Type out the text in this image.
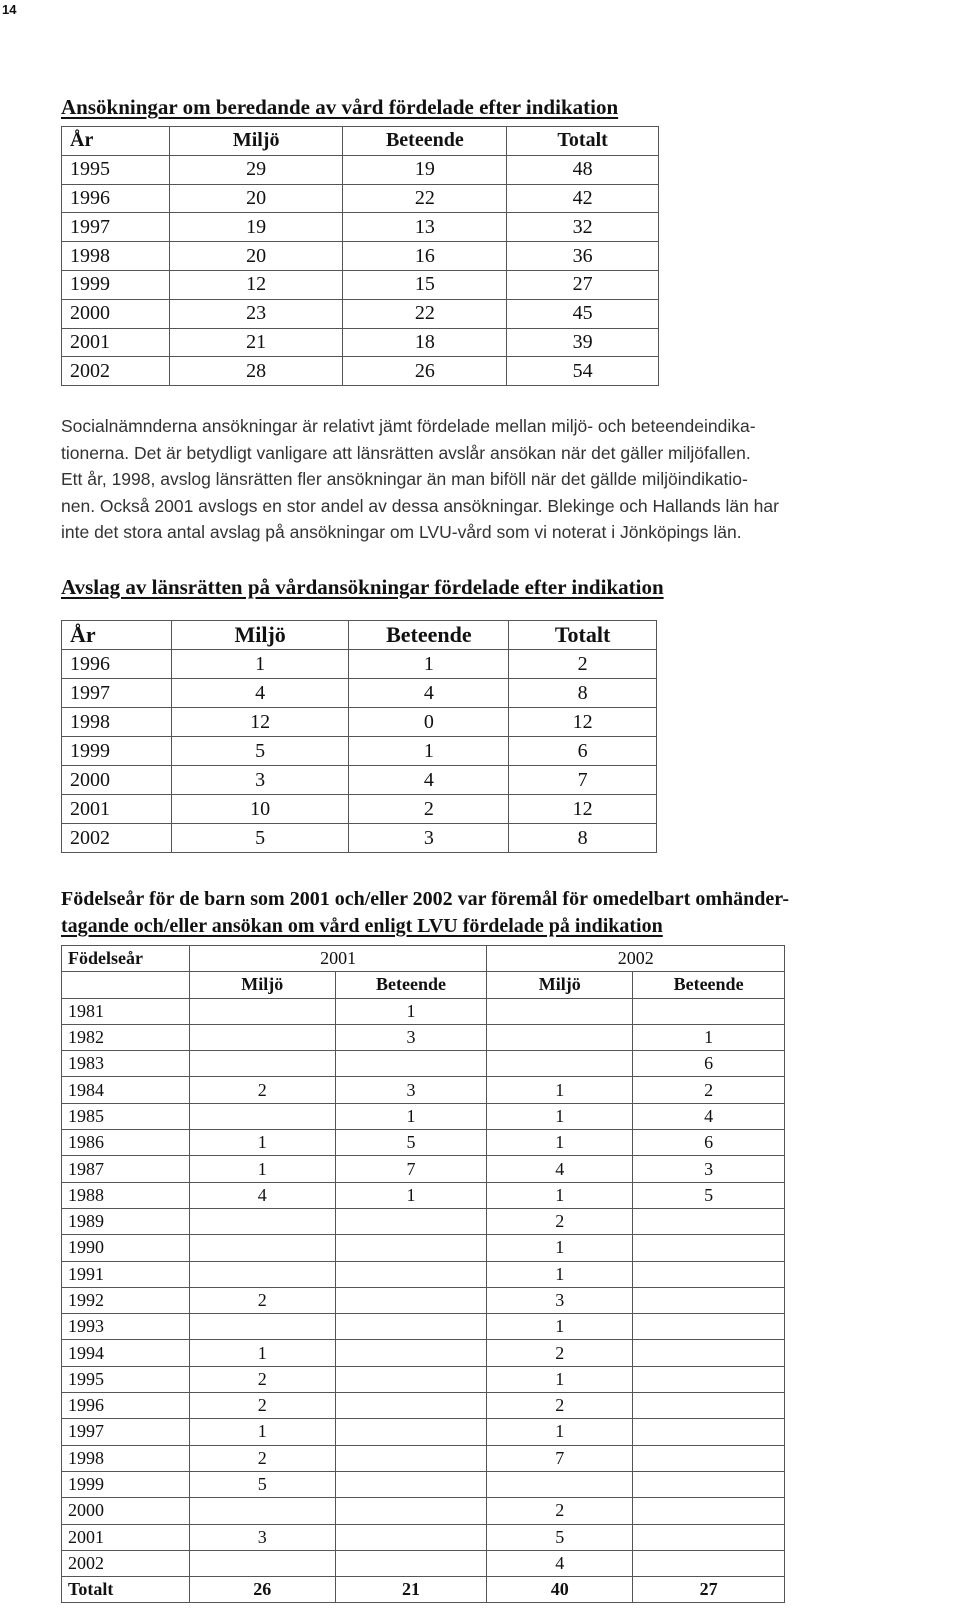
14
Ansökningar om beredande av vård fördelade efter indikation
År	Miljö	Beteende	Totalt
1995	29	19	48
1996	20	22	42
1997	19	13	32
1998	20	16	36
1999	12	15	27
2000	23	22	45
2001	21	18	39
2002	28	26	54
Socialnämnderna ansökningar är relativt jämt fördelade mellan miljö- och beteendeindika-
tionerna. Det är betydligt vanligare att länsrätten avslår ansökan när det gäller miljöfallen.
Ett år, 1998, avslog länsrätten fler ansökningar än man biföll när det gällde miljöindikatio-
nen. Också 2001 avslogs en stor andel av dessa ansökningar. Blekinge och Hallands län har
inte det stora antal avslag på ansökningar om LVU-vård som vi noterat i Jönköpings län.
Avslag av länsrätten på vårdansökningar fördelade efter indikation
År	Miljö	Beteende	Totalt
1996	1	1	2
1997	4	4	8
1998	12	0	12
1999	5	1	6
2000	3	4	7
2001	10	2	12
2002	5	3	8
Födelseår för de barn som 2001 och/eller 2002 var föremål för omedelbart omhänder-
tagande och/eller ansökan om vård enligt LVU fördelade på indikation
Födelseår	2001		2002	
	Miljö	Beteende	Miljö	Beteende
1981		1		
1982		3		1
1983				6
1984	2	3	1	2
1985		1	1	4
1986	1	5	1	6
1987	1	7	4	3
1988	4	1	1	5
1989			2	
1990			1	
1991			1	
1992	2		3	
1993			1	
1994	1		2	
1995	2		1	
1996	2		2	
1997	1		1	
1998	2		7	
1999	5			
2000			2	
2001	3		5	
2002			4	
Totalt	26	21	40	27
